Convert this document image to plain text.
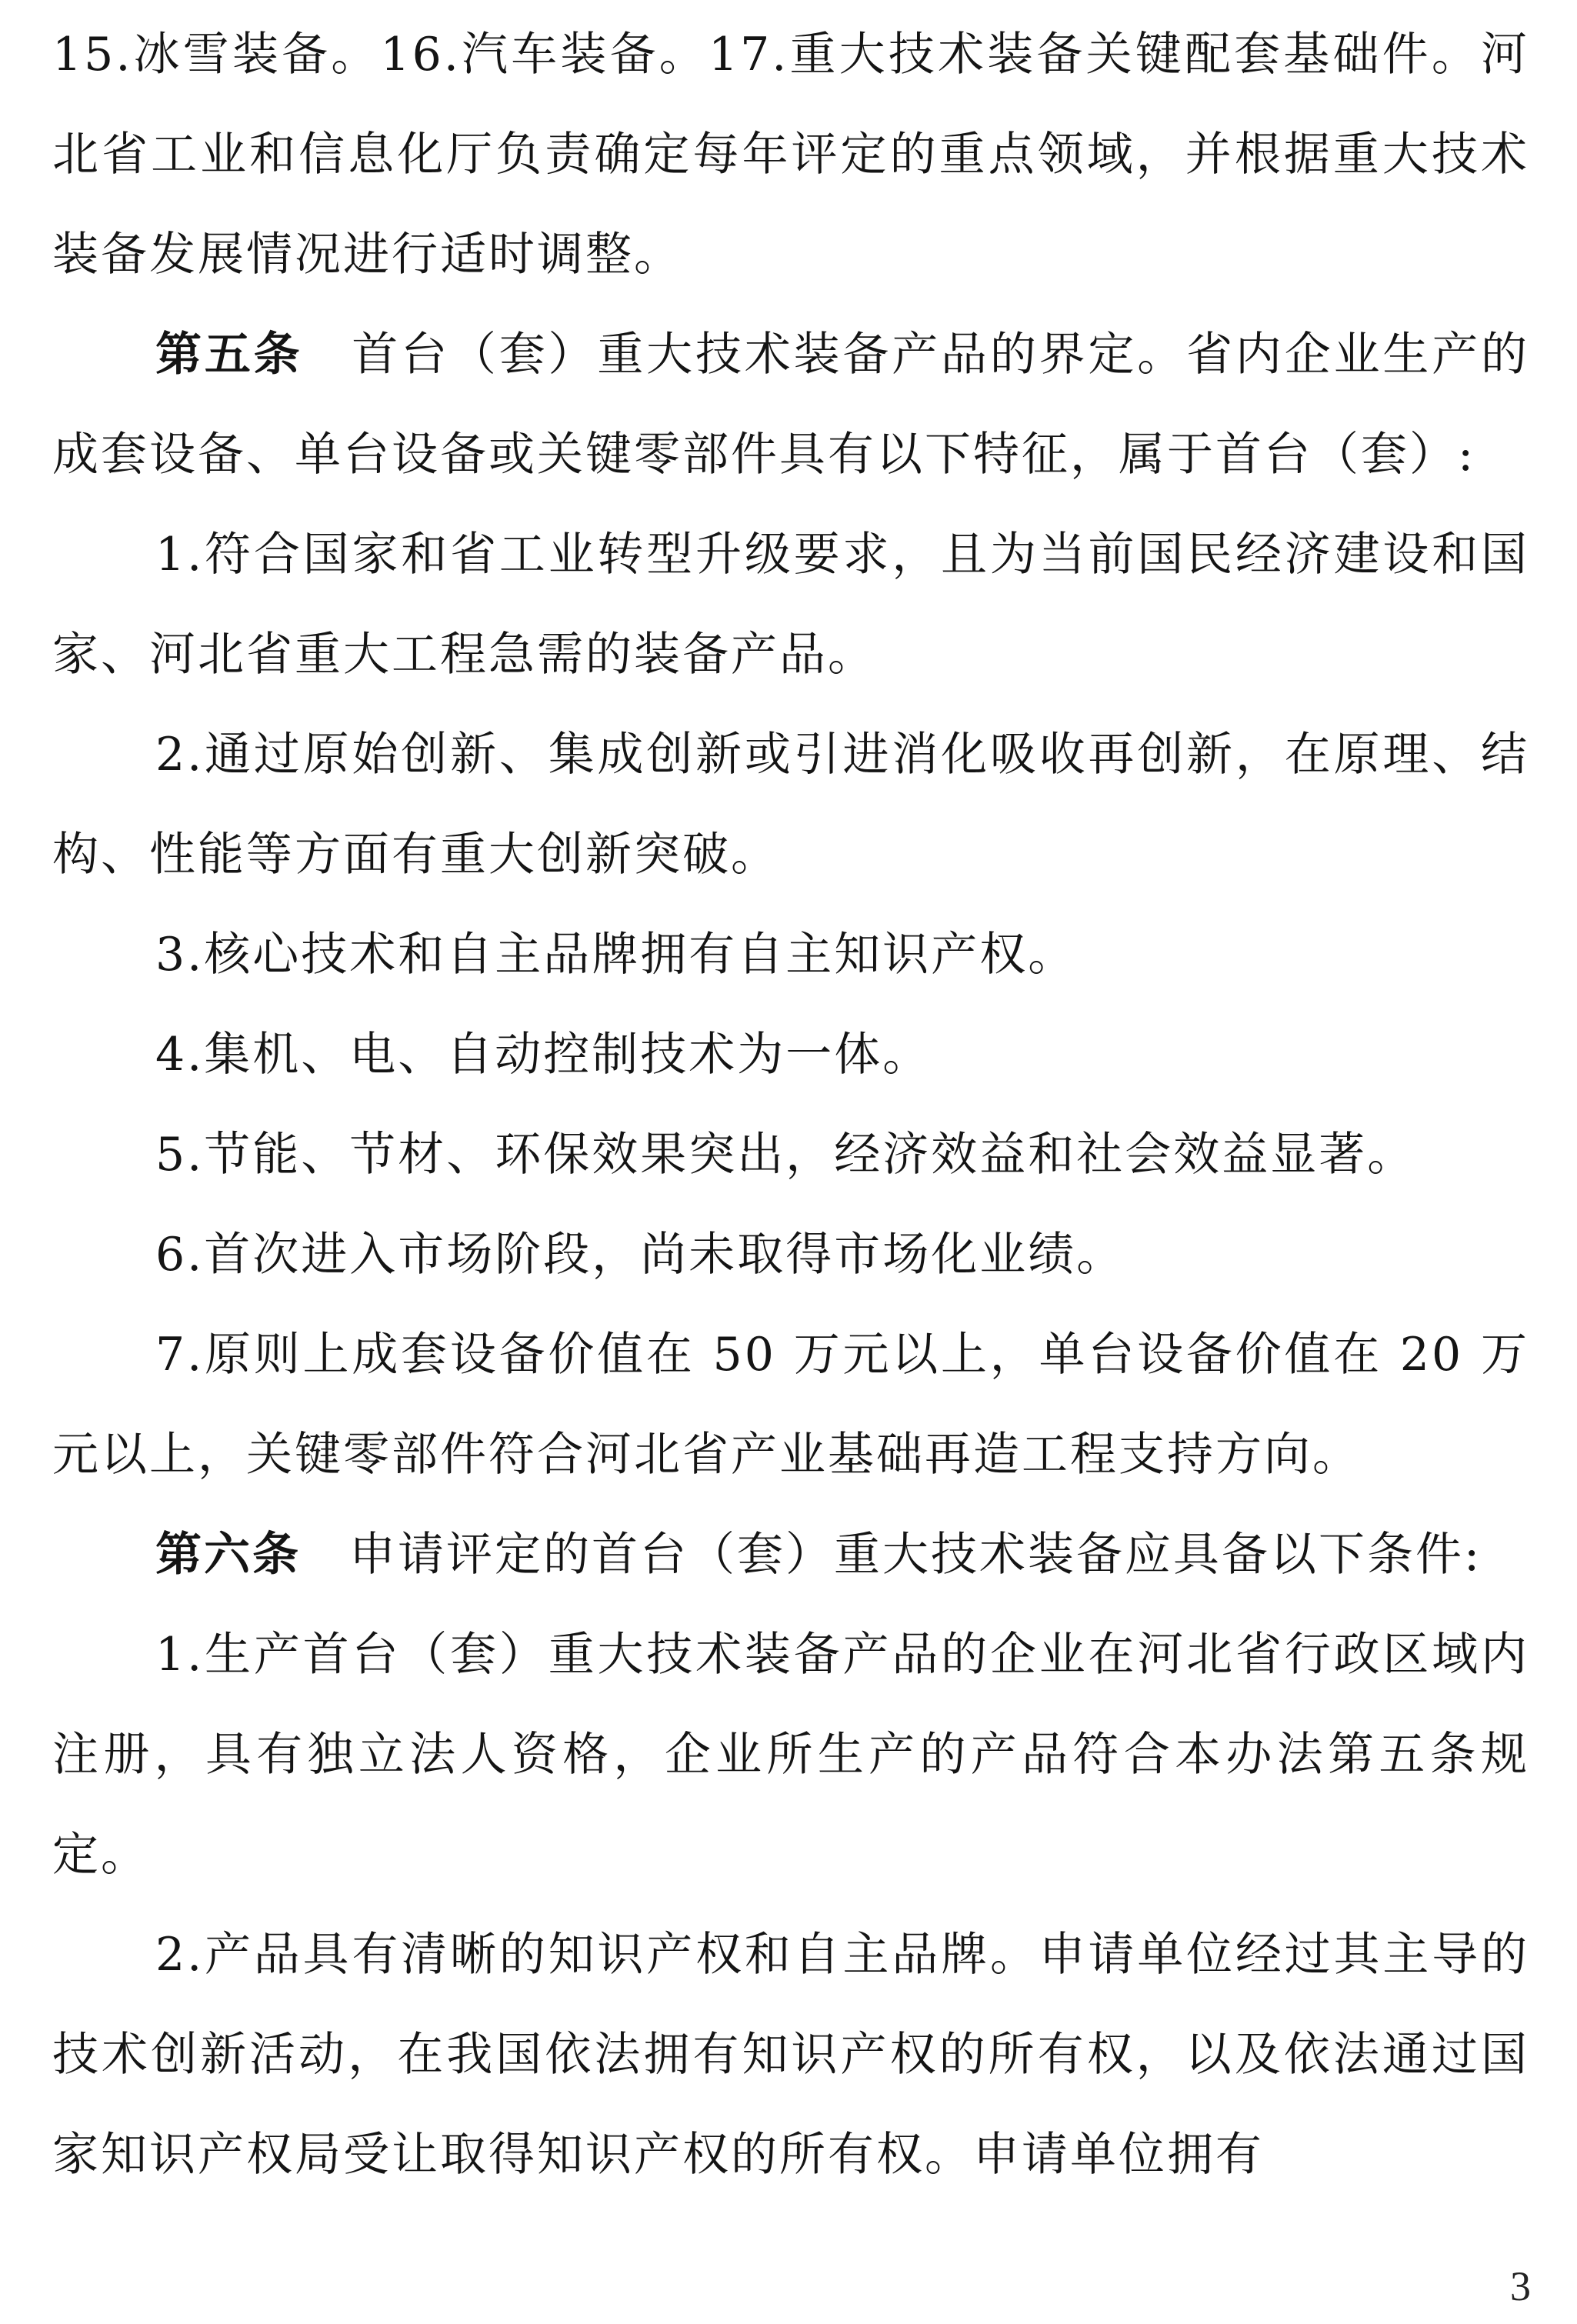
15.冰雪装备。16.汽车装备。17.重大技术装备关键配套基础件。河北省工业和信息化厅负责确定每年评定的重点领域，并根据重大技术装备发展情况进行适时调整。

第五条　首台（套）重大技术装备产品的界定。省内企业生产的成套设备、单台设备或关键零部件具有以下特征，属于首台（套）:

1.符合国家和省工业转型升级要求，且为当前国民经济建设和国家、河北省重大工程急需的装备产品。

2.通过原始创新、集成创新或引进消化吸收再创新，在原理、结构、性能等方面有重大创新突破。

3.核心技术和自主品牌拥有自主知识产权。

4.集机、电、自动控制技术为一体。

5.节能、节材、环保效果突出，经济效益和社会效益显著。

6.首次进入市场阶段，尚未取得市场化业绩。

7.原则上成套设备价值在 50 万元以上，单台设备价值在 20 万元以上，关键零部件符合河北省产业基础再造工程支持方向。

第六条　申请评定的首台（套）重大技术装备应具备以下条件:

1.生产首台（套）重大技术装备产品的企业在河北省行政区域内注册，具有独立法人资格，企业所生产的产品符合本办法第五条规定。

2.产品具有清晰的知识产权和自主品牌。申请单位经过其主导的技术创新活动，在我国依法拥有知识产权的所有权，以及依法通过国家知识产权局受让取得知识产权的所有权。申请单位拥有

3
